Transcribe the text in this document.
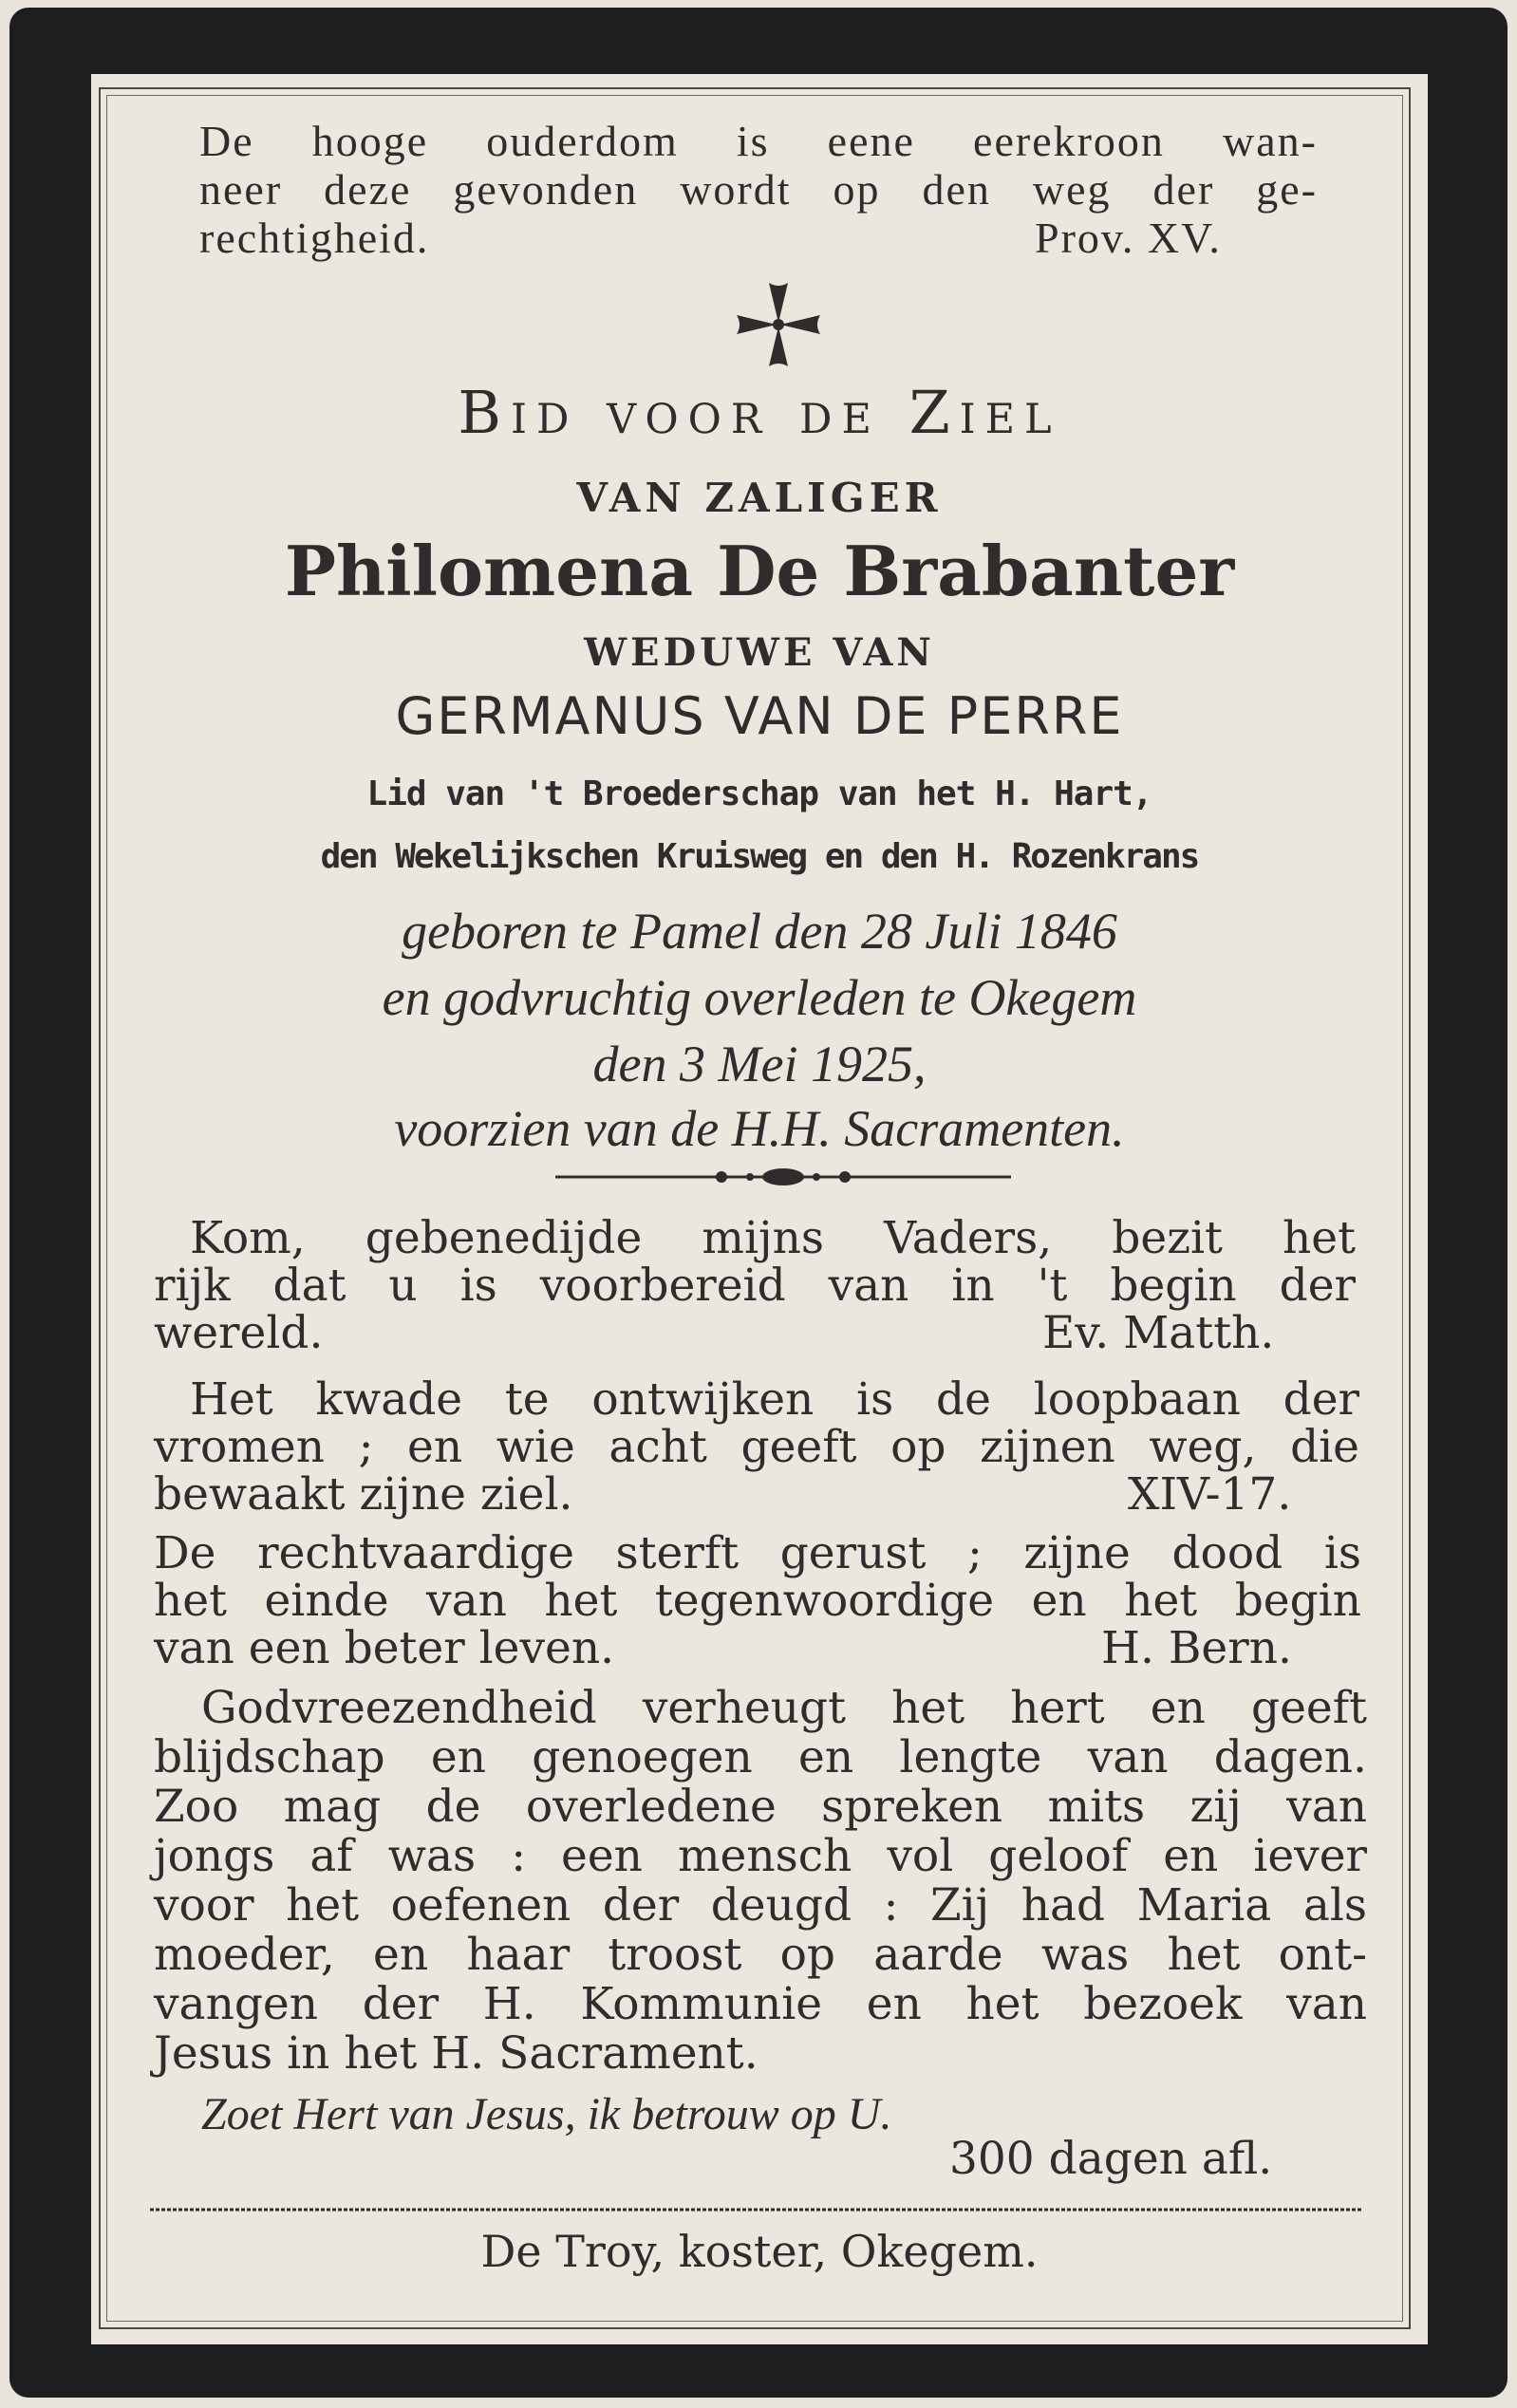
De hooge ouderdom is eene eerekroon wan-
neer deze gevonden wordt op den weg der ge-
rechtigheid.	Prov. XV.
Bid voor de Ziel
VAN ZALIGER
Philomena De Brabanter
WEDUWE VAN
GERMANUS VAN DE PERRE
Lid van 't Broederschap van het H. Hart,
den Wekelijkschen Kruisweg en den H. Rozenkrans
geboren te Pamel den 28 Juli 1846
en godvruchtig overleden te Okegem
den 3 Mei 1925,
voorzien van de H.H. Sacramenten.
Kom, gebenedijde mijns Vaders, bezit het
rijk dat u is voorbereid van in 't begin der
wereld.	Ev. Matth.
Het kwade te ontwijken is de loopbaan der
vromen ; en wie acht geeft op zijnen weg, die
bewaakt zijne ziel.	XIV-17.
De rechtvaardige sterft gerust ; zijne dood is
het einde van het tegenwoordige en het begin
van een beter leven.	H. Bern.
Godvreezendheid verheugt het hert en geeft
blijdschap en genoegen en lengte van dagen.
Zoo mag de overledene spreken mits zij van
jongs af was : een mensch vol geloof en iever
voor het oefenen der deugd : Zij had Maria als
moeder, en haar troost op aarde was het ont-
vangen der H. Kommunie en het bezoek van
Jesus in het H. Sacrament.
Zoet Hert van Jesus, ik betrouw op U.
300 dagen afl.
De Troy, koster, Okegem.
